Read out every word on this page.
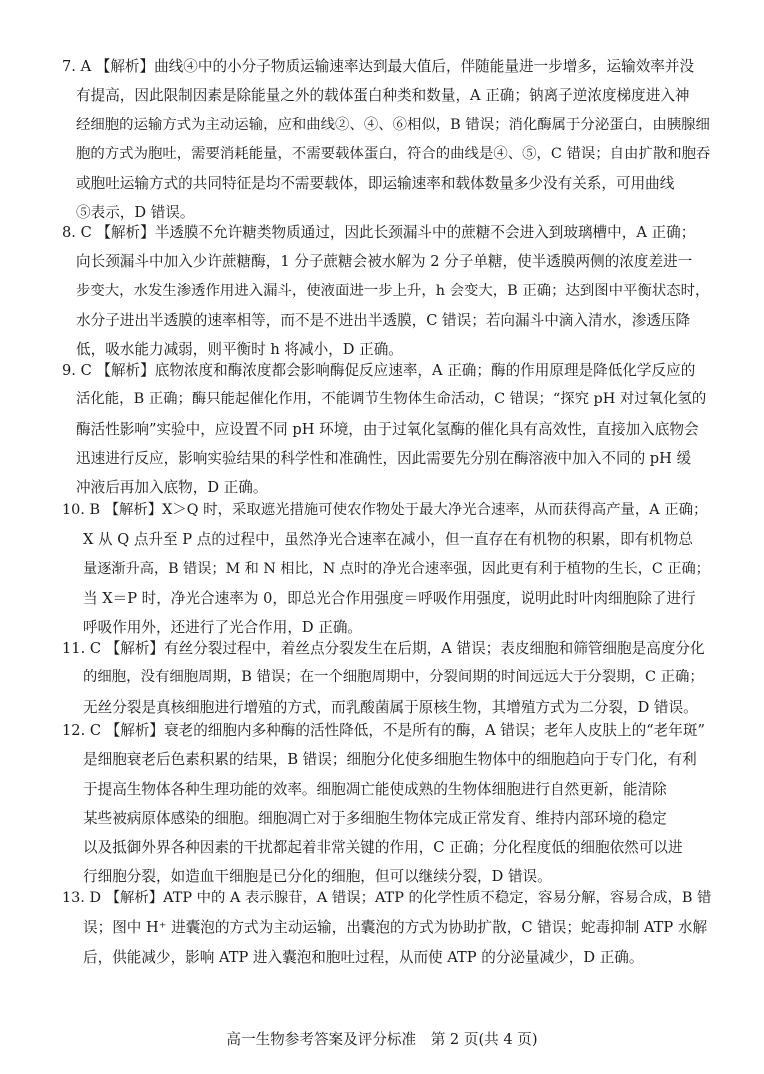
7. A 【解析】曲线④中的小分子物质运输速率达到最大值后，伴随能量进一步增多，运输效率并没
有提高，因此限制因素是除能量之外的载体蛋白种类和数量，A 正确；钠离子逆浓度梯度进入神
经细胞的运输方式为主动运输，应和曲线②、④、⑥相似，B 错误；消化酶属于分泌蛋白，由胰腺细
胞的方式为胞吐，需要消耗能量，不需要载体蛋白，符合的曲线是④、⑤，C 错误；自由扩散和胞吞
或胞吐运输方式的共同特征是均不需要载体，即运输速率和载体数量多少没有关系，可用曲线
⑤表示，D 错误。
8. C 【解析】半透膜不允许糖类物质通过，因此长颈漏斗中的蔗糖不会进入到玻璃槽中，A 正确；
向长颈漏斗中加入少许蔗糖酶，1 分子蔗糖会被水解为 2 分子单糖，使半透膜两侧的浓度差进一
步变大，水发生渗透作用进入漏斗，使液面进一步上升，h 会变大，B 正确；达到图中平衡状态时，
水分子进出半透膜的速率相等，而不是不进出半透膜，C 错误；若向漏斗中滴入清水，渗透压降
低，吸水能力减弱，则平衡时 h 将减小，D 正确。
9. C 【解析】底物浓度和酶浓度都会影响酶促反应速率，A 正确；酶的作用原理是降低化学反应的
活化能，B 正确；酶只能起催化作用，不能调节生物体生命活动，C 错误；“探究 pH 对过氧化氢的
酶活性影响”实验中，应设置不同 pH 环境，由于过氧化氢酶的催化具有高效性，直接加入底物会
迅速进行反应，影响实验结果的科学性和准确性，因此需要先分别在酶溶液中加入不同的 pH 缓
冲液后再加入底物，D 正确。
10. B 【解析】X＞Q 时，采取遮光措施可使农作物处于最大净光合速率，从而获得高产量，A 正确；
X 从 Q 点升至 P 点的过程中，虽然净光合速率在减小，但一直存在有机物的积累，即有机物总
量逐渐升高，B 错误；M 和 N 相比，N 点时的净光合速率强，因此更有利于植物的生长，C 正确；
当 X＝P 时，净光合速率为 0，即总光合作用强度＝呼吸作用强度，说明此时叶肉细胞除了进行
呼吸作用外，还进行了光合作用，D 正确。
11. C 【解析】有丝分裂过程中，着丝点分裂发生在后期，A 错误；表皮细胞和筛管细胞是高度分化
的细胞，没有细胞周期，B 错误；在一个细胞周期中，分裂间期的时间远远大于分裂期，C 正确；
无丝分裂是真核细胞进行增殖的方式，而乳酸菌属于原核生物，其增殖方式为二分裂，D 错误。
12. C 【解析】衰老的细胞内多种酶的活性降低，不是所有的酶，A 错误；老年人皮肤上的“老年斑”
是细胞衰老后色素积累的结果，B 错误；细胞分化使多细胞生物体中的细胞趋向于专门化，有利
于提高生物体各种生理功能的效率。细胞凋亡能使成熟的生物体细胞进行自然更新，能清除
某些被病原体感染的细胞。细胞凋亡对于多细胞生物体完成正常发育、维持内部环境的稳定
以及抵御外界各种因素的干扰都起着非常关键的作用，C 正确；分化程度低的细胞依然可以进
行细胞分裂，如造血干细胞是已分化的细胞，但可以继续分裂，D 错误。
13. D 【解析】ATP 中的 A 表示腺苷，A 错误；ATP 的化学性质不稳定，容易分解，容易合成，B 错
误；图中 H⁺ 进囊泡的方式为主动运输，出囊泡的方式为协助扩散，C 错误；蛇毒抑制 ATP 水解
后，供能减少，影响 ATP 进入囊泡和胞吐过程，从而使 ATP 的分泌量减少，D 正确。
高一生物参考答案及评分标准　第 2 页(共 4 页)
